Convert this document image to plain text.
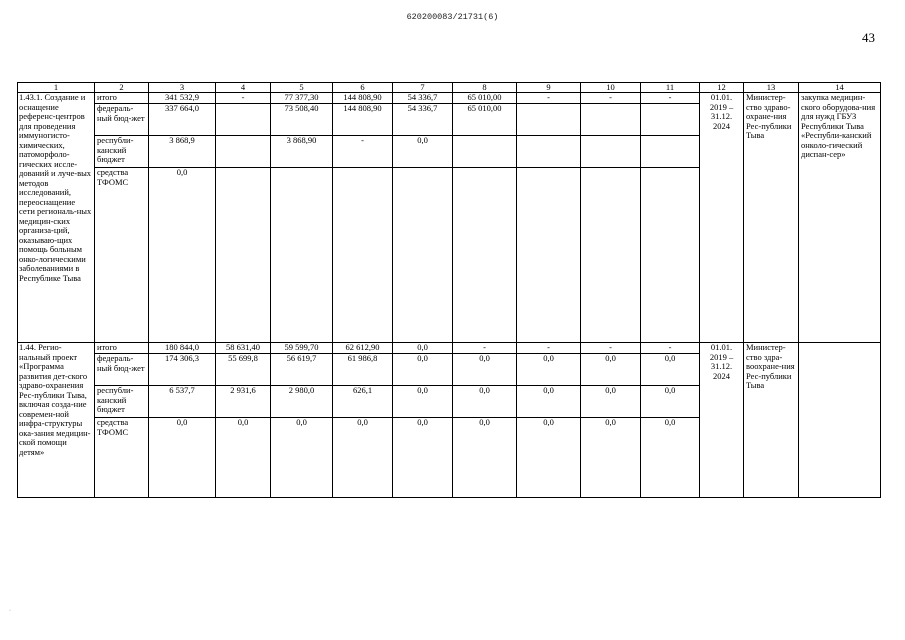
620200083/21731(6)
43
1	2	3	4	5	6	7	8	9	10	11	12	13	14
1.43.1. Создание и оснащение референс-центров для проведения иммуногисто-химических, патоморфоло-гических иссле-дований и луче-вых методов исследований, переоснащение сети региональ-ных медицин-ских организа-ций, оказываю-щих помощь больным онко-логическими заболеваниями в Республике Тыва	итого	341 532,9	-	77 377,30	144 808,90	54 336,7	65 010,00	-	-	-	01.01. 2019 – 31.12. 2024	Министер-ство здраво-охране-ния Рес-публики Тыва	закупка медицин-ского оборудова-ния для нужд ГБУЗ Республики Тыва «Республи-канский онколо-гический диспан-сер»
	федераль-ный бюд-жет	337 664,0		73 508,40	144 808,90	54 336,7	65 010,00						
	республи-канский бюджет	3 868,9		3 868,90	-	0,0							
	средства ТФОМС	0,0											
1.44. Регио-нальный проект «Программа развития дет-ского здраво-охранения Рес-публики Тыва, включая созда-ние современ-ной инфра-структуры ока-зания медицин-ской помощи детям»	итого	180 844,0	58 631,40	59 599,70	62 612,90	0,0	-	-	-	-	01.01. 2019 – 31.12. 2024	Министер-ство здра-воохране-ния Рес-публики Тыва	
	федераль-ный бюд-жет	174 306,3	55 699,8	56 619,7	61 986,8	0,0	0,0	0,0	0,0	0,0			
	республи-канский бюджет	6 537,7	2 931,6	2 980,0	626,1	0,0	0,0	0,0	0,0	0,0			
	средства ТФОМС	0,0	0,0	0,0	0,0	0,0	0,0	0,0	0,0	0,0			
·
